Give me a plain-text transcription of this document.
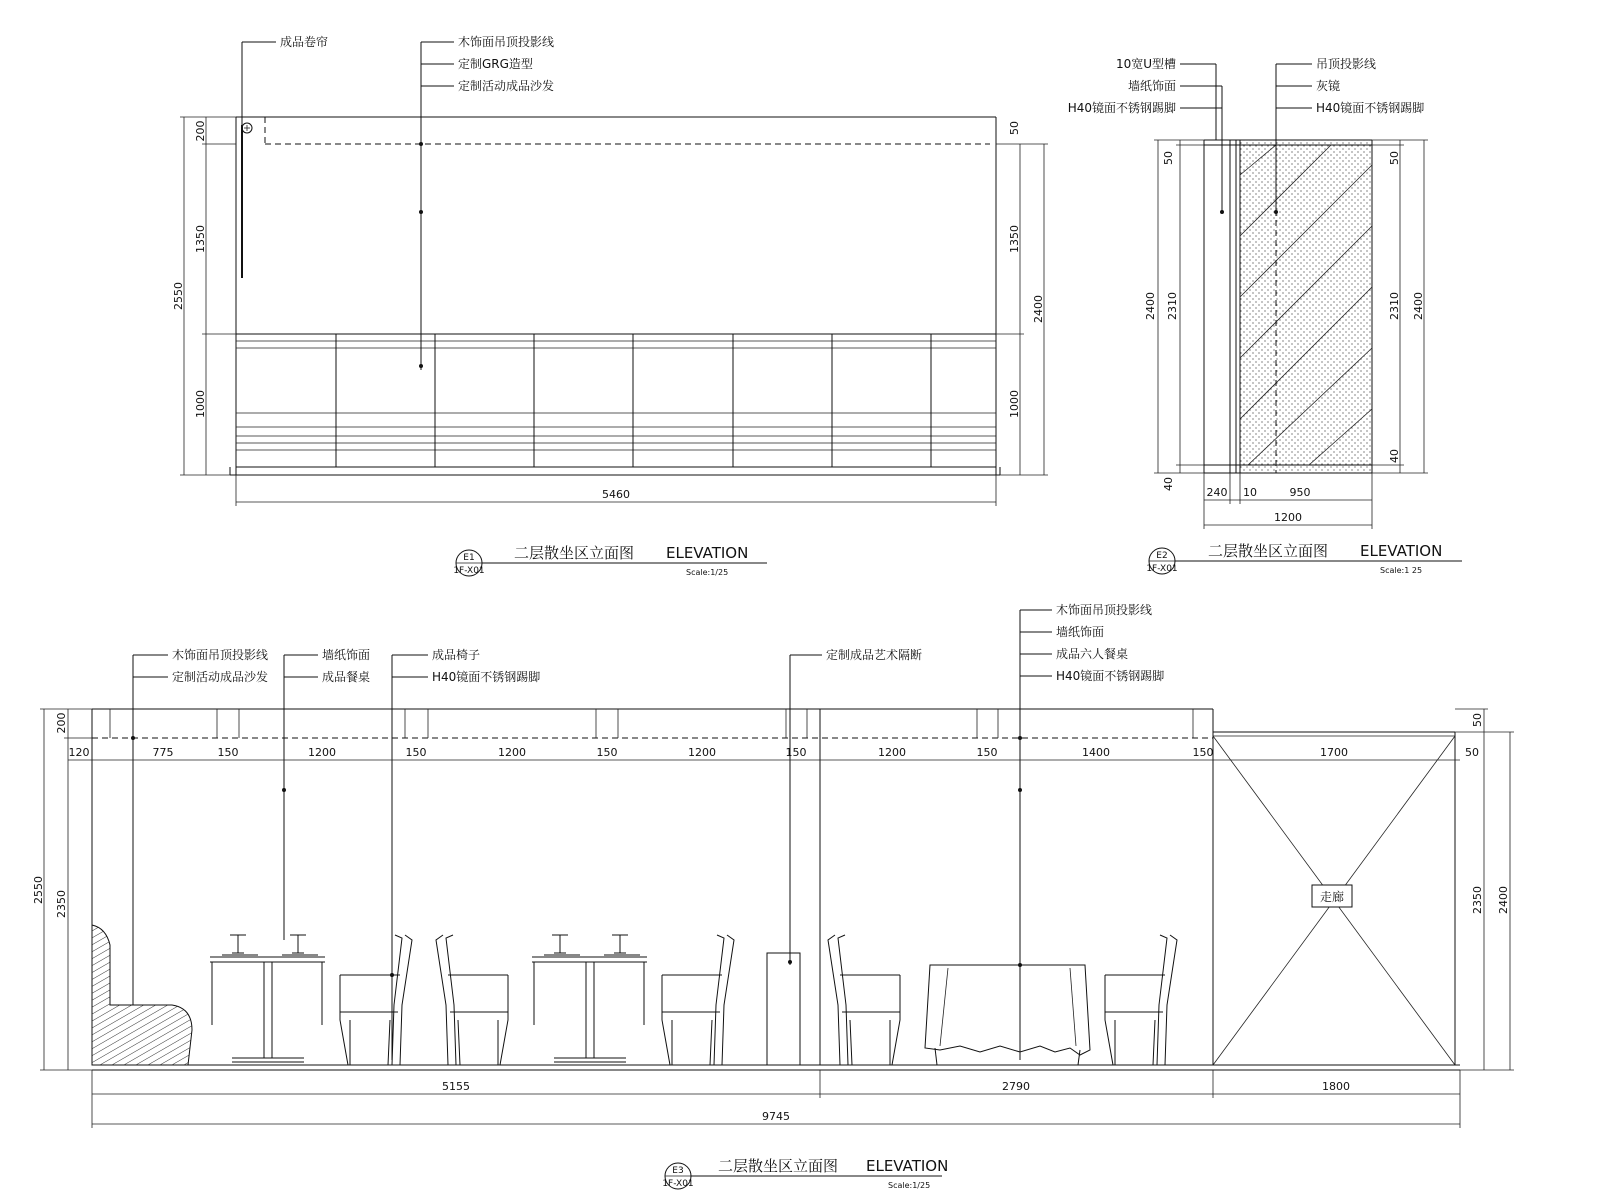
成品卷帘	木饰面吊顶投影线
定制GRG造型
定制活动成品沙发
200
1350
1000
2550
50
1350
1000
2400
5460
E1
1F-X01
二层散坐区立面图 ELEVATION
Scale:1/25
10宽U型槽
墙纸饰面
H40镜面不锈钢踢脚
吊顶投影线
灰镜
H40镜面不锈钢踢脚
50
2400 2310
40
50
2310 2400
40
240 10	950
1200
E2
1F-X01
二层散坐区立面图 ELEVATION
Scale:1 25
走廊
木饰面吊顶投影线
定制活动成品沙发
墙纸饰面
成品餐桌
成品椅子
H40镜面不锈钢踢脚
定制成品艺术隔断
木饰面吊顶投影线
墙纸饰面
成品六人餐桌
H40镜面不锈钢踢脚
120	775	150	1200	150	1200	150	1200	150	1200	150	1400	150	1700	50
200
2550 2350
50
2350 2400
5155	2790	1800
9745
E3
1F-X01
二层散坐区立面图 ELEVATION
Scale:1/25
